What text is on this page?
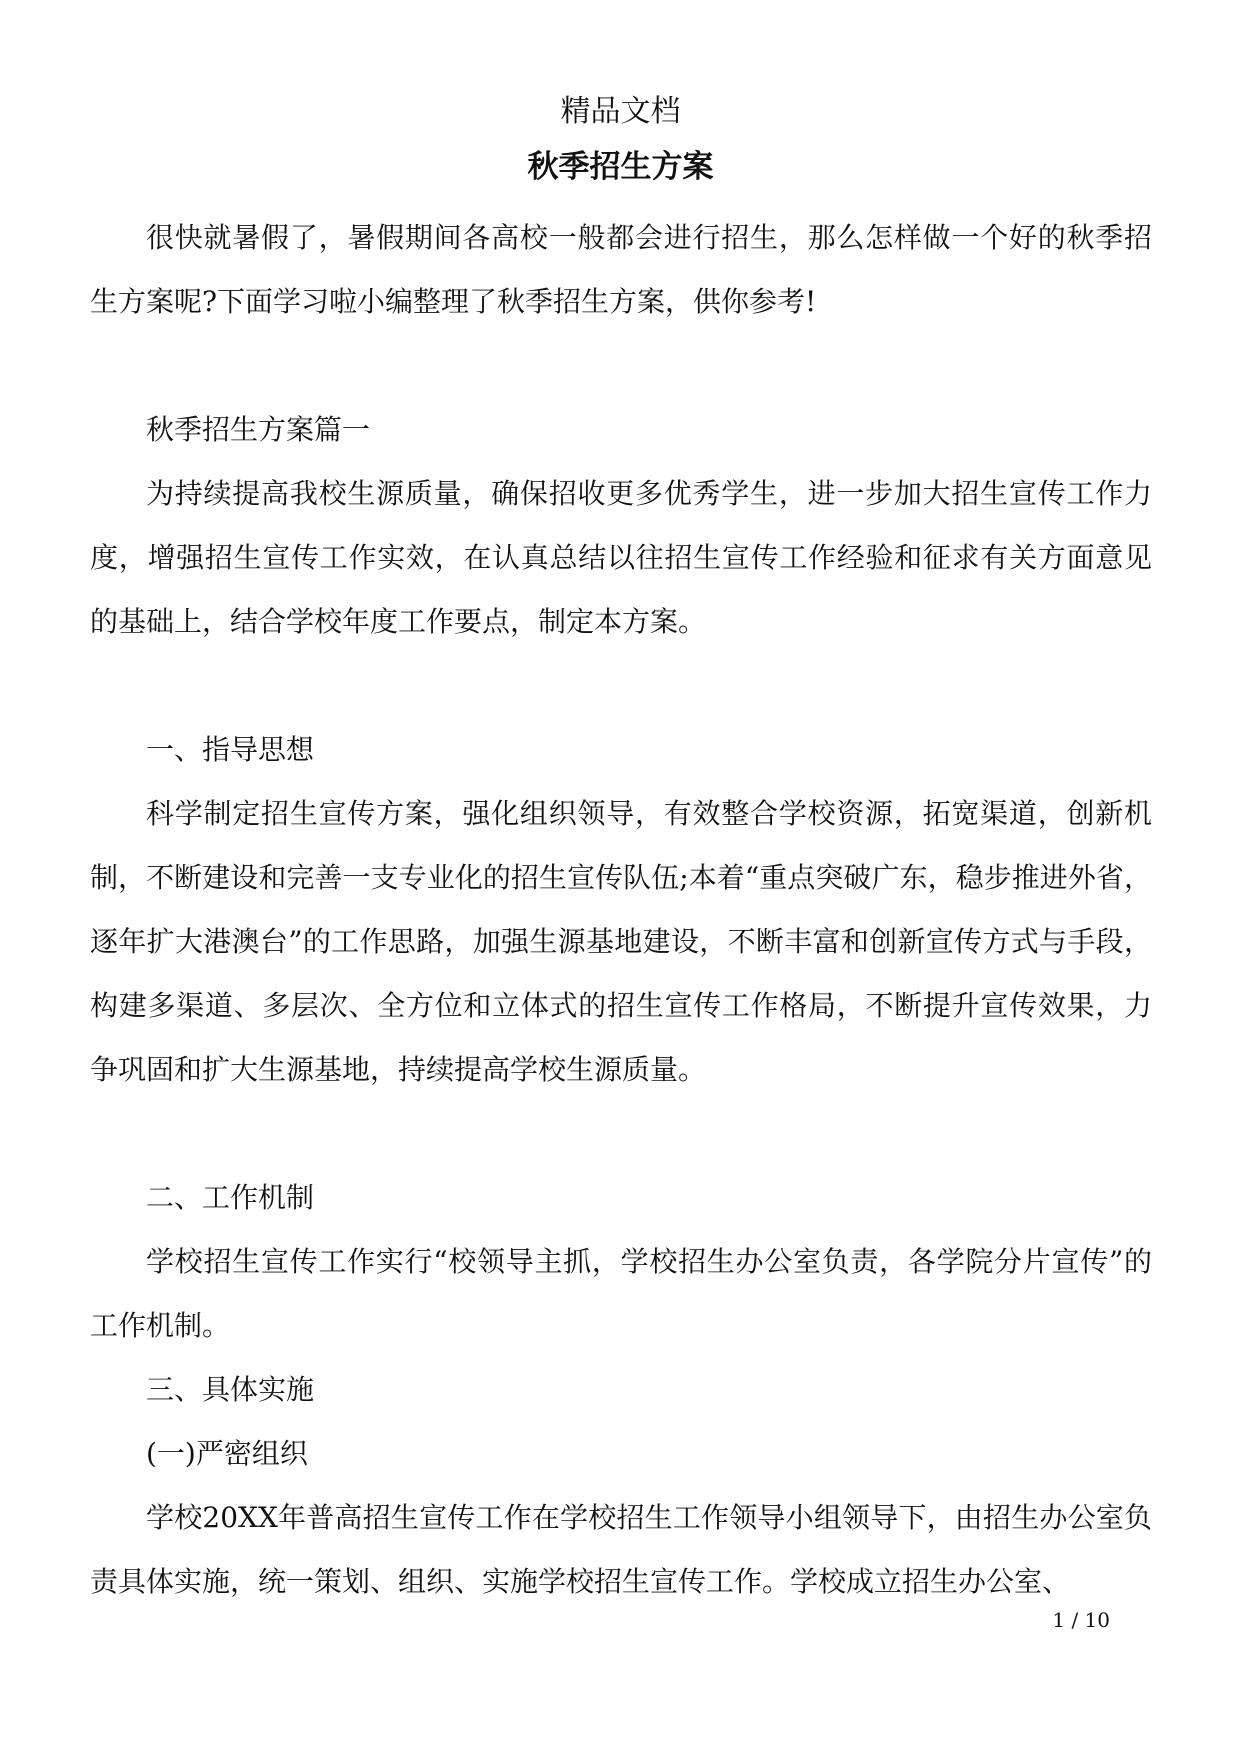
精品文档
秋季招生方案

很快就暑假了，暑假期间各高校一般都会进行招生，那么怎样做一个好的秋季招生方案呢?下面学习啦小编整理了秋季招生方案，供你参考!

秋季招生方案篇一

为持续提高我校生源质量，确保招收更多优秀学生，进一步加大招生宣传工作力度，增强招生宣传工作实效，在认真总结以往招生宣传工作经验和征求有关方面意见的基础上，结合学校年度工作要点，制定本方案。

一、指导思想

科学制定招生宣传方案，强化组织领导，有效整合学校资源，拓宽渠道，创新机制，不断建设和完善一支专业化的招生宣传队伍;本着“重点突破广东，稳步推进外省，逐年扩大港澳台”的工作思路，加强生源基地建设，不断丰富和创新宣传方式与手段，构建多渠道、多层次、全方位和立体式的招生宣传工作格局，不断提升宣传效果，力争巩固和扩大生源基地，持续提高学校生源质量。

二、工作机制

学校招生宣传工作实行“校领导主抓，学校招生办公室负责，各学院分片宣传”的工作机制。

三、具体实施

(一)严密组织

学校20XX年普高招生宣传工作在学校招生工作领导小组领导下，由招生办公室负责具体实施，统一策划、组织、实施学校招生宣传工作。学校成立招生办公室、

1 / 10
